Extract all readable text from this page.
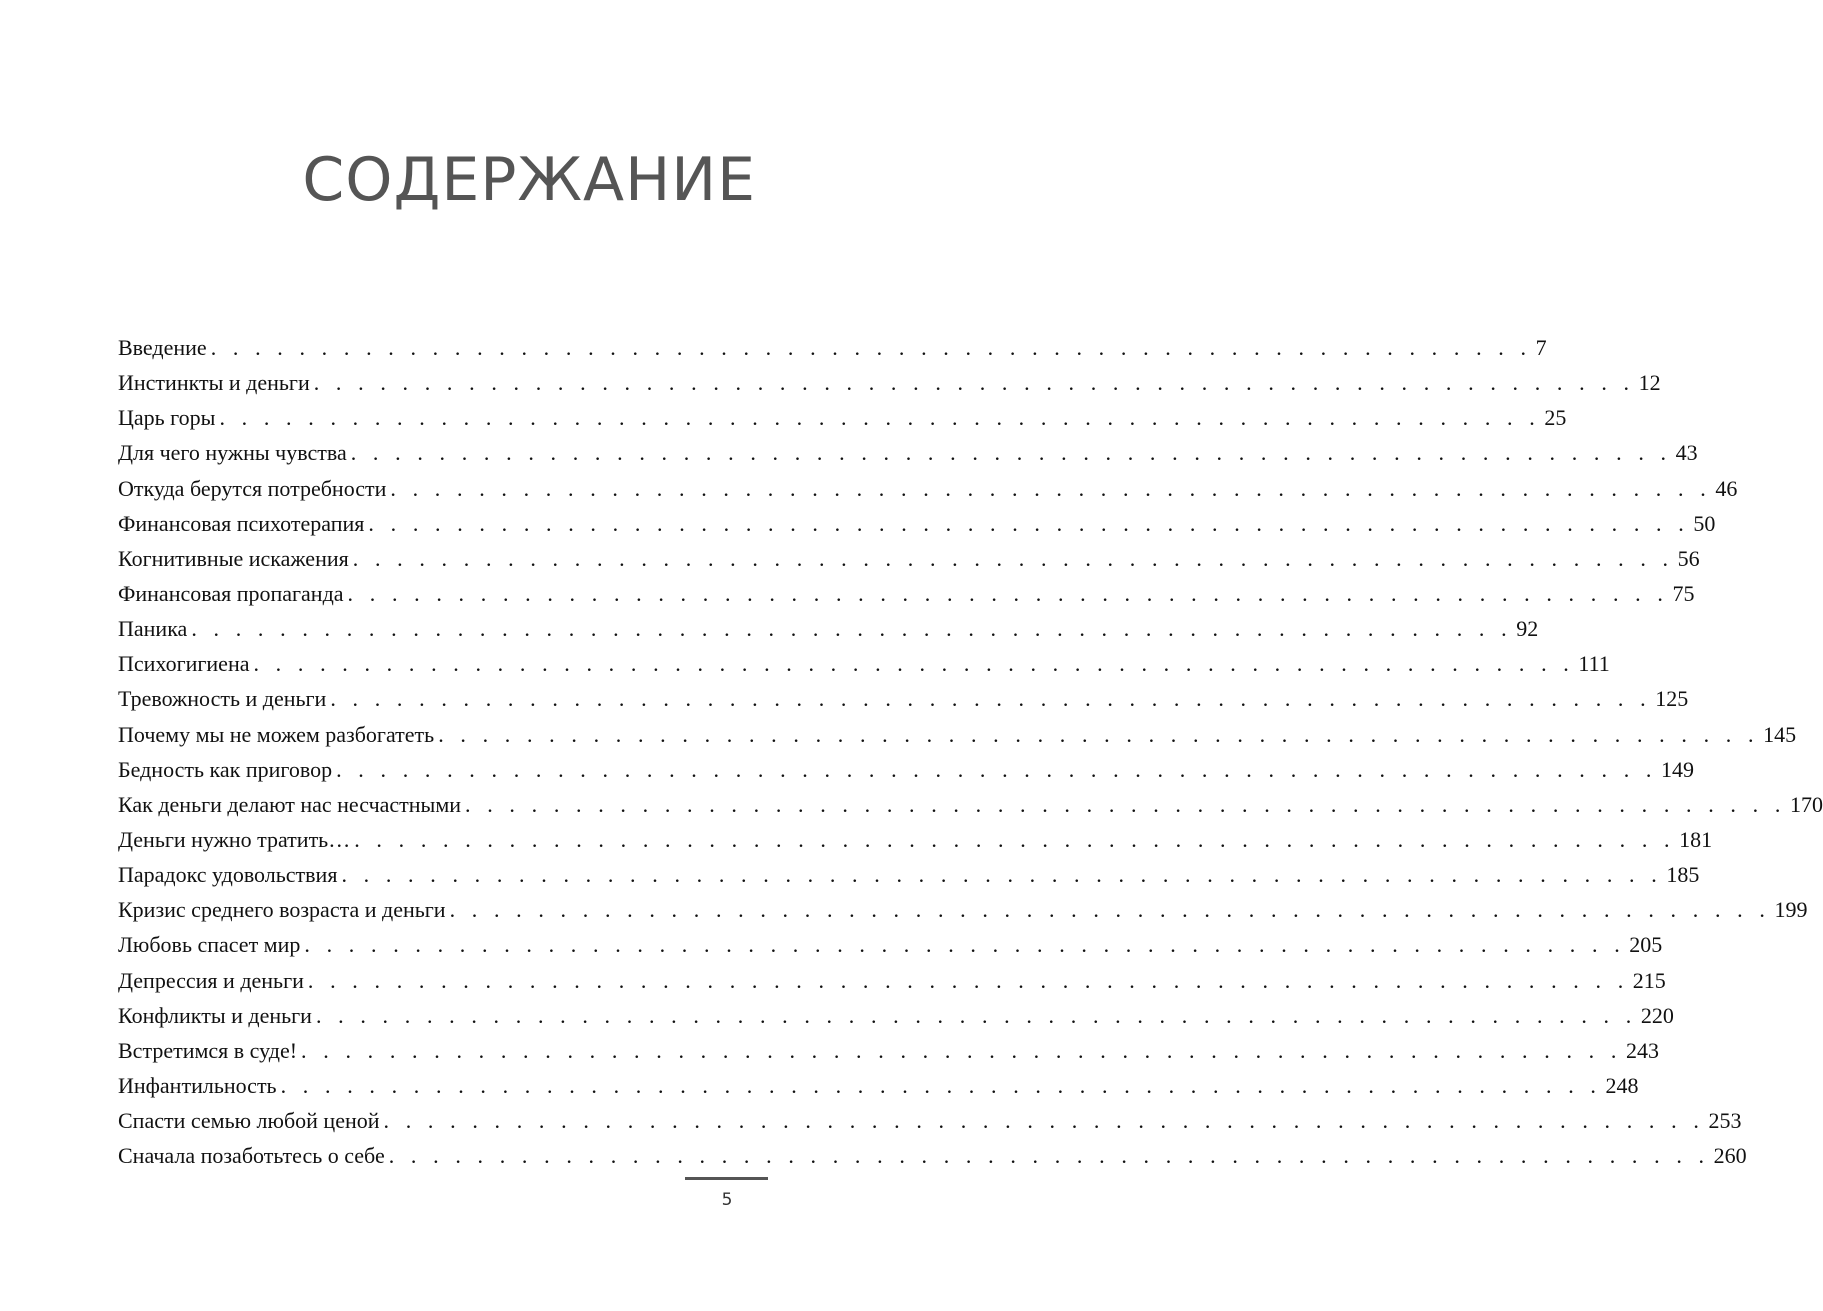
СОДЕРЖАНИЕ
Введение . . . . . . . . . . . . . . . . . . . . . . . . . . . . . . . . . . . . . . . . . . . . . . . . . . . . . . . . . . . . 7
Инстинкты и деньги . . . . . . . . . . . . . . . . . . . . . . . . . . . . . . . . . . . . . . . . . . . . . . . . . . . . . . . . . . . . 12
Царь горы . . . . . . . . . . . . . . . . . . . . . . . . . . . . . . . . . . . . . . . . . . . . . . . . . . . . . . . . . . . . 25
Для чего нужны чувства . . . . . . . . . . . . . . . . . . . . . . . . . . . . . . . . . . . . . . . . . . . . . . . . . . . . . . . . . . . . 43
Откуда берутся потребности . . . . . . . . . . . . . . . . . . . . . . . . . . . . . . . . . . . . . . . . . . . . . . . . . . . . . . . . . . . . 46
Финансовая психотерапия . . . . . . . . . . . . . . . . . . . . . . . . . . . . . . . . . . . . . . . . . . . . . . . . . . . . . . . . . . . . 50
Когнитивные искажения . . . . . . . . . . . . . . . . . . . . . . . . . . . . . . . . . . . . . . . . . . . . . . . . . . . . . . . . . . . . 56
Финансовая пропаганда . . . . . . . . . . . . . . . . . . . . . . . . . . . . . . . . . . . . . . . . . . . . . . . . . . . . . . . . . . . . 75
Паника . . . . . . . . . . . . . . . . . . . . . . . . . . . . . . . . . . . . . . . . . . . . . . . . . . . . . . . . . . . . 92
Психогигиена . . . . . . . . . . . . . . . . . . . . . . . . . . . . . . . . . . . . . . . . . . . . . . . . . . . . . . . . . . . . 111
Тревожность и деньги . . . . . . . . . . . . . . . . . . . . . . . . . . . . . . . . . . . . . . . . . . . . . . . . . . . . . . . . . . . . 125
Почему мы не можем разбогатеть . . . . . . . . . . . . . . . . . . . . . . . . . . . . . . . . . . . . . . . . . . . . . . . . . . . . . . . . . . . . 145
Бедность как приговор . . . . . . . . . . . . . . . . . . . . . . . . . . . . . . . . . . . . . . . . . . . . . . . . . . . . . . . . . . . . 149
Как деньги делают нас несчастными . . . . . . . . . . . . . . . . . . . . . . . . . . . . . . . . . . . . . . . . . . . . . . . . . . . . . . . . . . . . 170
Деньги нужно тратить… . . . . . . . . . . . . . . . . . . . . . . . . . . . . . . . . . . . . . . . . . . . . . . . . . . . . . . . . . . . . 181
Парадокс удовольствия . . . . . . . . . . . . . . . . . . . . . . . . . . . . . . . . . . . . . . . . . . . . . . . . . . . . . . . . . . . . 185
Кризис среднего возраста и деньги . . . . . . . . . . . . . . . . . . . . . . . . . . . . . . . . . . . . . . . . . . . . . . . . . . . . . . . . . . . . 199
Любовь спасет мир . . . . . . . . . . . . . . . . . . . . . . . . . . . . . . . . . . . . . . . . . . . . . . . . . . . . . . . . . . . . 205
Депрессия и деньги . . . . . . . . . . . . . . . . . . . . . . . . . . . . . . . . . . . . . . . . . . . . . . . . . . . . . . . . . . . . 215
Конфликты и деньги . . . . . . . . . . . . . . . . . . . . . . . . . . . . . . . . . . . . . . . . . . . . . . . . . . . . . . . . . . . . 220
Встретимся в суде! . . . . . . . . . . . . . . . . . . . . . . . . . . . . . . . . . . . . . . . . . . . . . . . . . . . . . . . . . . . . 243
Инфантильность . . . . . . . . . . . . . . . . . . . . . . . . . . . . . . . . . . . . . . . . . . . . . . . . . . . . . . . . . . . . 248
Спасти семью любой ценой . . . . . . . . . . . . . . . . . . . . . . . . . . . . . . . . . . . . . . . . . . . . . . . . . . . . . . . . . . . . 253
Сначала позаботьтесь о себе . . . . . . . . . . . . . . . . . . . . . . . . . . . . . . . . . . . . . . . . . . . . . . . . . . . . . . . . . . . . 260
5
